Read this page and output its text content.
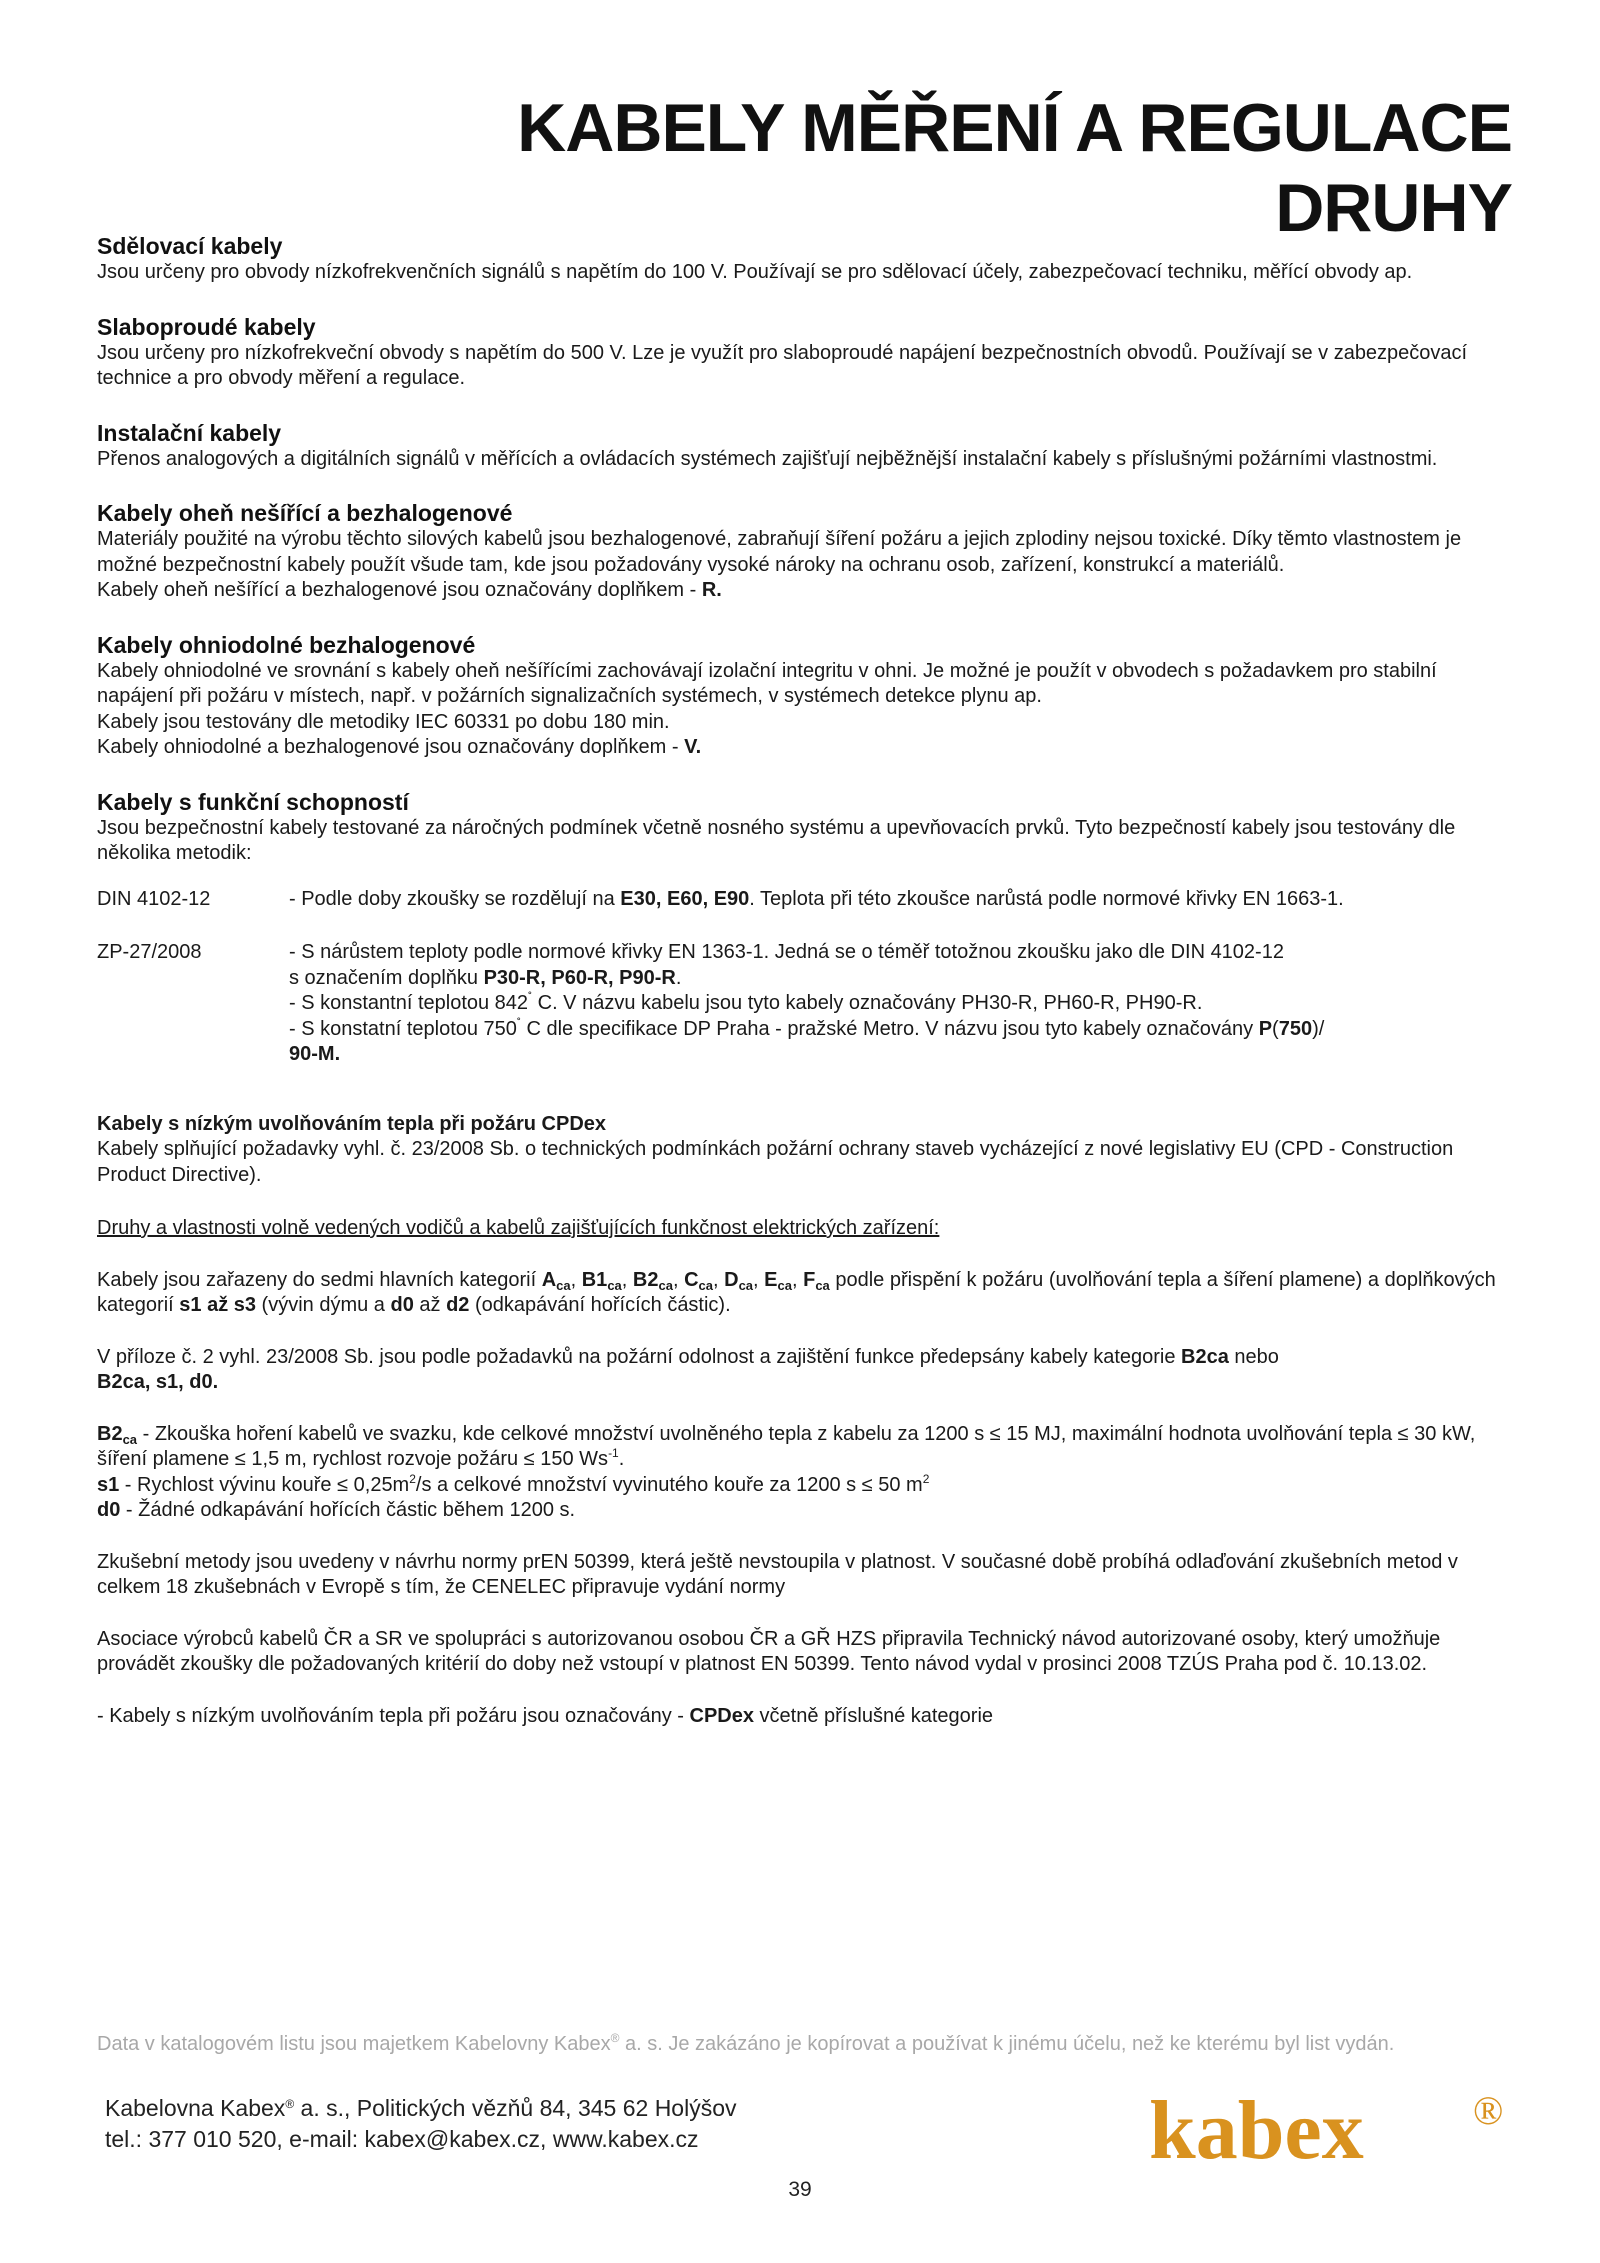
KABELY MĚŘENÍ A REGULACE
DRUHY
Sdělovací kabely

Jsou určeny pro obvody nízkofrekvenčních signálů s napětím do 100 V. Používají se pro sdělovací účely, zabezpečovací techniku, měřící obvody ap.

Slaboproudé kabely

Jsou určeny pro nízkofrekveční obvody s napětím do 500 V. Lze je využít pro slaboproudé napájení bezpečnostních obvodů. Používají se v zabezpečovací technice a pro obvody měření a regulace.

Instalační kabely

Přenos analogových a digitálních signálů v měřících a ovládacích systémech zajišťují nejběžnější instalační kabely s příslušnými požárními vlastnostmi.

Kabely oheň nešířící a bezhalogenové

Materiály použité na výrobu těchto silových kabelů jsou bezhalogenové, zabraňují šíření požáru a jejich zplodiny nejsou toxické. Díky těmto vlastnostem je možné bezpečnostní kabely použít všude tam, kde jsou požadovány vysoké nároky na ochranu osob, zařízení, konstrukcí a materiálů.

Kabely oheň nešířící a bezhalogenové jsou označovány doplňkem - R.

Kabely ohniodolné bezhalogenové

Kabely ohniodolné ve srovnání s kabely oheň nešířícími zachovávají izolační integritu v ohni. Je možné je použít v obvodech s požadavkem pro stabilní napájení při požáru v místech, např. v požárních signalizačních systémech, v systémech detekce plynu ap.

Kabely jsou testovány dle metodiky IEC 60331 po dobu 180 min.

Kabely ohniodolné a bezhalogenové jsou označovány doplňkem - V.

Kabely s funkční schopností

Jsou bezpečnostní kabely testované za náročných podmínek včetně nosného systému a upevňovacích prvků. Tyto bezpečností kabely jsou testovány dle několika metodik:

DIN 4102-12	- Podle doby zkoušky se rozdělují na E30, E60, E90. Teplota při této zkoušce narůstá podle normové křivky EN 1663-1.
ZP-27/2008	- S nárůstem teploty podle normové křivky EN 1363-1. Jedná se o téměř totožnou zkoušku jako dle DIN 4102-12
s označením doplňku P30-R, P60-R, P90-R.
- S konstantní teplotou 842˚ C. V názvu kabelu jsou tyto kabely označovány PH30-R, PH60-R, PH90-R.
- S konstatní teplotou 750˚ C dle specifikace DP Praha - pražské Metro. V názvu jsou tyto kabely označovány P(750)/
90-M.
Kabely s nízkým uvolňováním tepla při požáru CPDex

Kabely splňující požadavky vyhl. č. 23/2008 Sb. o technických podmínkách požární ochrany staveb vycházející z nové legislativy EU (CPD - Construction Product Directive).

Druhy a vlastnosti volně vedených vodičů a kabelů zajišťujících funkčnost elektrických zařízení:

Kabely jsou zařazeny do sedmi hlavních kategorií $A_{ca}$, $B1_{ca}$, $B2_{ca}$, $C_{ca}$, $D_{ca}$, $E_{ca}$, $F_{ca}$ podle přispění k požáru (uvolňování tepla a šíření plamene) a doplňkových kategorií s1 až s3 (vývin dýmu a d0 až d2 (odkapávání hořících částic).

V příloze č. 2 vyhl. 23/2008 Sb. jsou podle požadavků na požární odolnost a zajištění funkce předepsány kabely kategorie B2ca nebo
B2ca, s1, d0.

$B2_{ca}$ - Zkouška hoření kabelů ve svazku, kde celkové množství uvolněného tepla z kabelu za 1200 s ≤ 15 MJ, maximální hodnota uvolňování tepla ≤ 30 kW, šíření plamene ≤ 1,5 m, rychlost rozvoje požáru ≤ 150 $Ws^{-1}$.
s1 - Rychlost vývinu kouře ≤ $0,25m^2/s$ a celkové množství vyvinutého kouře za 1200 s ≤ 50 $m^2$
d0 - Žádné odkapávání hořících částic během 1200 s.

Zkušební metody jsou uvedeny v návrhu normy prEN 50399, která ještě nevstoupila v platnost. V současné době probíhá odlaďování zkušebních metod v celkem 18 zkušebnách v Evropě s tím, že CENELEC připravuje vydání normy

Asociace výrobců kabelů ČR a SR ve spolupráci s autorizovanou osobou ČR a GŘ HZS připravila Technický návod autorizované osoby, který umožňuje provádět zkoušky dle požadovaných kritérií do doby než vstoupí v platnost EN 50399. Tento návod vydal v prosinci 2008 TZÚS Praha pod č. 10.13.02.

- Kabely s nízkým uvolňováním tepla při požáru jsou označovány - CPDex včetně příslušné kategorie

Data v katalogovém listu jsou majetkem Kabelovny Kabex® a. s. Je zakázáno je kopírovat a používat k jinému účelu, než ke kterému byl list vydán.
Kabelovna Kabex® a. s., Politických vězňů 84, 345 62 Holýšov
tel.: 377 010 520, e-mail: kabex@kabex.cz, www.kabex.cz	kabex	®
39
